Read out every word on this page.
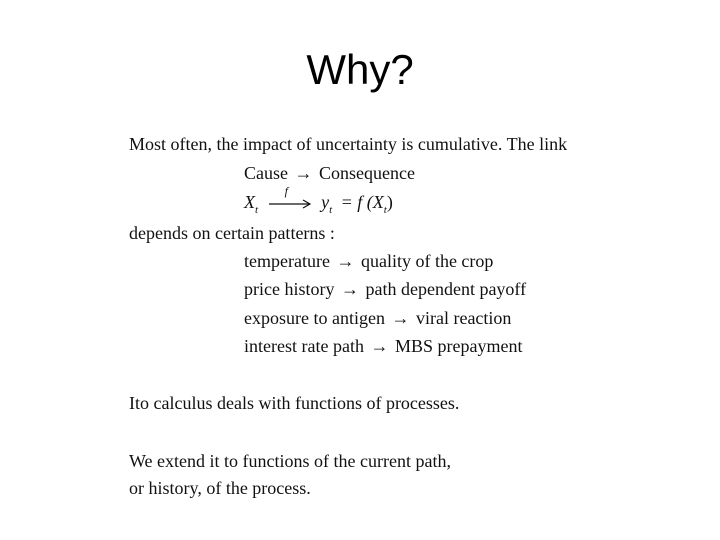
Why?
Most often, the impact of uncertainty is cumulative. The link
Cause → Consequence
$X_t$
f
$y_t = f$ $(X_t)$
depends on certain patterns :
temperature → quality of the crop
price history → path dependent payoff
exposure to antigen → viral reaction
interest rate path → MBS prepayment
Ito calculus deals with functions of processes.
We extend it to functions of the current path,
or history, of the process.
